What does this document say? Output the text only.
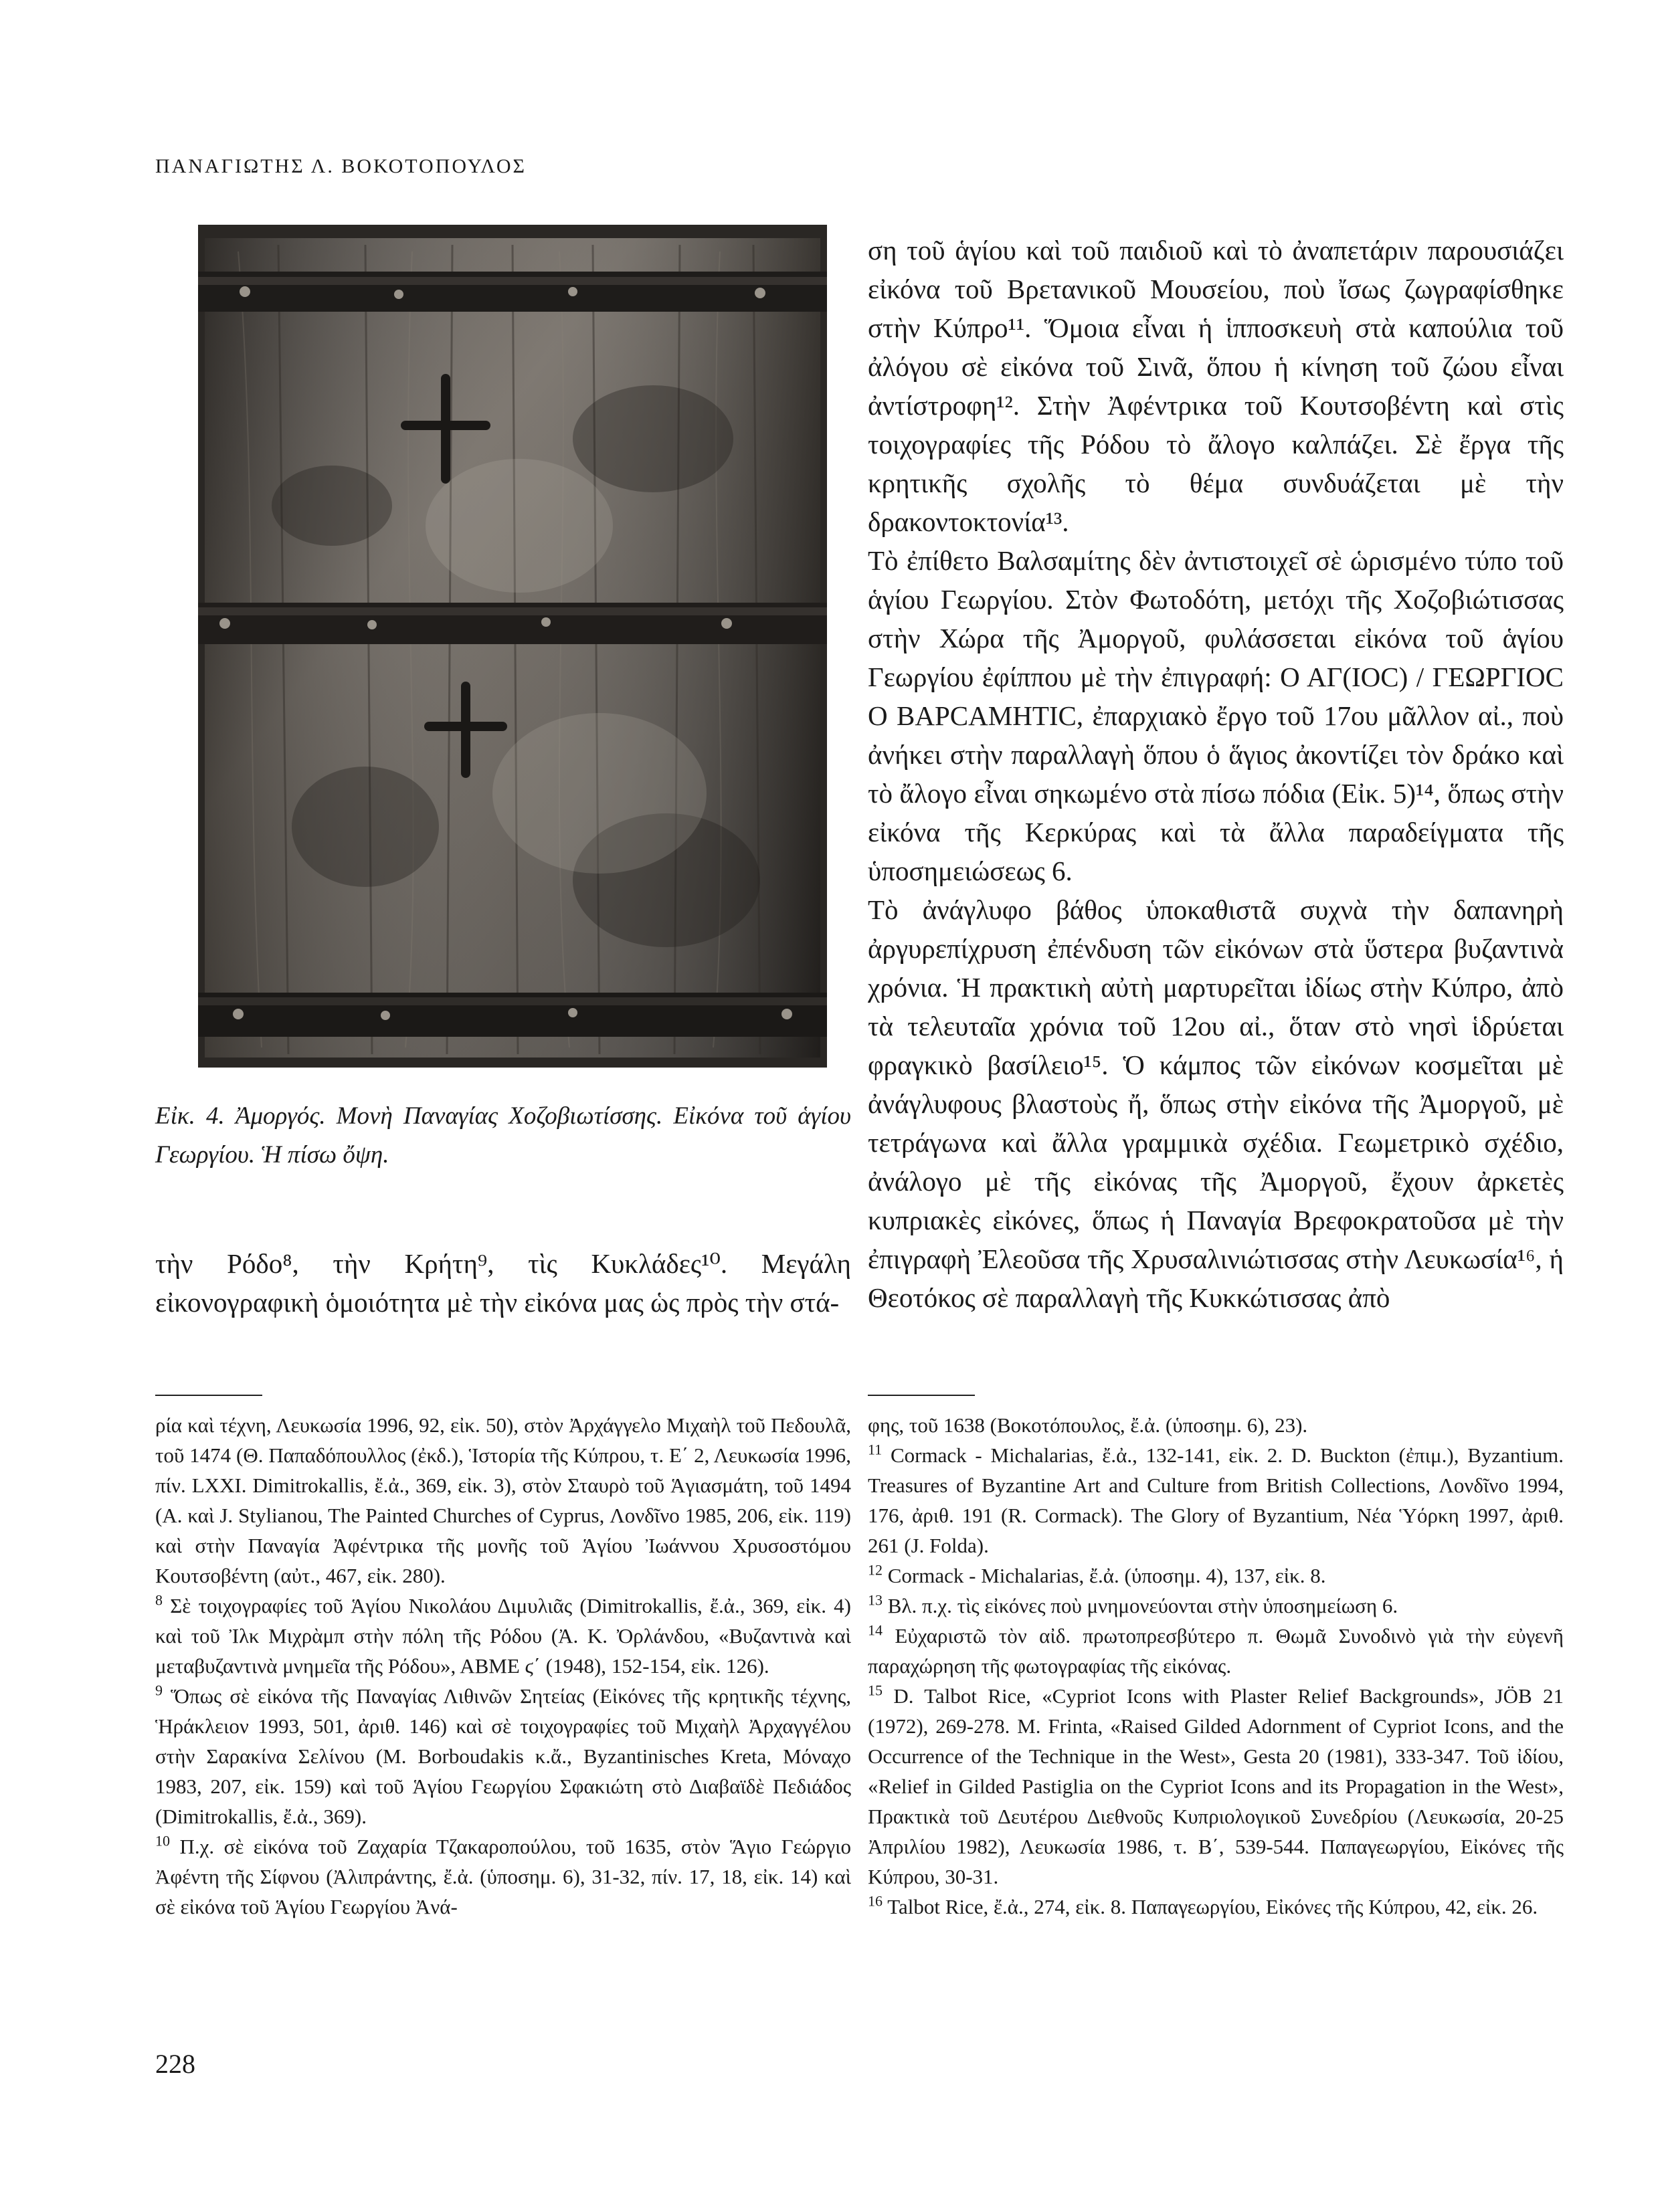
ΠΑΝΑΓΙΩΤΗΣ Λ. ΒΟΚΟΤΟΠΟΥΛΟΣ
Εἰκ. 4. Ἀμοργός. Μονὴ Παναγίας Χοζοβιωτίσσης. Εἰκόνα τοῦ ἁγίου Γεωργίου. Ἡ πίσω ὄψη.
τὴν Ρόδο⁸, τὴν Κρήτη⁹, τὶς Κυκλάδες¹⁰. Μεγάλη εἰκονογραφικὴ ὁμοιότητα μὲ τὴν εἰκόνα μας ὡς πρὸς τὴν στά-

ση τοῦ ἁγίου καὶ τοῦ παιδιοῦ καὶ τὸ ἀναπετάριν παρουσιάζει εἰκόνα τοῦ Βρετανικοῦ Μουσείου, ποὺ ἴσως ζωγραφίσθηκε στὴν Κύπρο¹¹. Ὅμοια εἶναι ἡ ἱπποσκευὴ στὰ καπούλια τοῦ ἀλόγου σὲ εἰκόνα τοῦ Σινᾶ, ὅπου ἡ κίνηση τοῦ ζώου εἶναι ἀντίστροφη¹². Στὴν Ἀφέντρικα τοῦ Κουτσοβέντη καὶ στὶς τοιχογραφίες τῆς Ρόδου τὸ ἄλογο καλπάζει. Σὲ ἔργα τῆς κρητικῆς σχολῆς τὸ θέμα συνδυάζεται μὲ τὴν δρακοντοκτονία¹³.

Τὸ ἐπίθετο Βαλσαμίτης δὲν ἀντιστοιχεῖ σὲ ὡρισμένο τύπο τοῦ ἁγίου Γεωργίου. Στὸν Φωτοδότη, μετόχι τῆς Χοζοβιώτισσας στὴν Χώρα τῆς Ἀμοργοῦ, φυλάσσεται εἰκόνα τοῦ ἁγίου Γεωργίου ἐφίππου μὲ τὴν ἐπιγραφή: Ο ΑΓ(ΙΟC) / ΓΕΩΡΓΙΟC Ο ΒΑΡCΑΜΗΤΙC, ἐπαρχιακὸ ἔργο τοῦ 17ου μᾶλλον αἰ., ποὺ ἀνήκει στὴν παραλλαγὴ ὅπου ὁ ἅγιος ἀκοντίζει τὸν δράκο καὶ τὸ ἄλογο εἶναι σηκωμένο στὰ πίσω πόδια (Εἰκ. 5)¹⁴, ὅπως στὴν εἰκόνα τῆς Κερκύρας καὶ τὰ ἄλλα παραδείγματα τῆς ὑποσημειώσεως 6.

Τὸ ἀνάγλυφο βάθος ὑποκαθιστᾶ συχνὰ τὴν δαπανηρὴ ἀργυρεπίχρυση ἐπένδυση τῶν εἰκόνων στὰ ὕστερα βυζαντινὰ χρόνια. Ἡ πρακτικὴ αὐτὴ μαρτυρεῖται ἰδίως στὴν Κύπρο, ἀπὸ τὰ τελευταῖα χρόνια τοῦ 12ου αἰ., ὅταν στὸ νησὶ ἱδρύεται φραγκικὸ βασίλειο¹⁵. Ὁ κάμπος τῶν εἰκόνων κοσμεῖται μὲ ἀνάγλυφους βλαστοὺς ἤ, ὅπως στὴν εἰκόνα τῆς Ἀμοργοῦ, μὲ τετράγωνα καὶ ἄλλα γραμμικὰ σχέδια. Γεωμετρικὸ σχέδιο, ἀνάλογο μὲ τῆς εἰκόνας τῆς Ἀμοργοῦ, ἔχουν ἀρκετὲς κυπριακὲς εἰκόνες, ὅπως ἡ Παναγία Βρεφοκρατοῦσα μὲ τὴν ἐπιγραφὴ Ἐλεοῦσα τῆς Χρυσαλινιώτισσας στὴν Λευκωσία¹⁶, ἡ Θεοτόκος σὲ παραλλαγὴ τῆς Κυκκώτισσας ἀπὸ

ρία καὶ τέχνη, Λευκωσία 1996, 92, εἰκ. 50), στὸν Ἀρχάγγελο Μιχαὴλ τοῦ Πεδουλᾶ, τοῦ 1474 (Θ. Παπαδόπουλλος (ἐκδ.), Ἱστορία τῆς Κύπρου, τ. Ε΄ 2, Λευκωσία 1996, πίν. LXXI. Dimitrokallis, ἔ.ἀ., 369, εἰκ. 3), στὸν Σταυρὸ τοῦ Ἁγιασμάτη, τοῦ 1494 (Α. καὶ J. Stylianou, The Painted Churches of Cyprus, Λονδῖνο 1985, 206, εἰκ. 119) καὶ στὴν Παναγία Ἀφέντρικα τῆς μονῆς τοῦ Ἁγίου Ἰωάννου Χρυσοστόμου Κουτσοβέντη (αὐτ., 467, εἰκ. 280).

$^8$ Σὲ τοιχογραφίες τοῦ Ἁγίου Νικολάου Διμυλιᾶς (Dimitrokallis, ἔ.ἀ., 369, εἰκ. 4) καὶ τοῦ Ἰλκ Μιχρὰμπ στὴν πόλη τῆς Ρόδου (Ἀ. Κ. Ὀρλάνδου, «Βυζαντινὰ καὶ μεταβυζαντινὰ μνημεῖα τῆς Ρόδου», ΑΒΜΕ ϛ΄ (1948), 152-154, εἰκ. 126).

$^9$ Ὅπως σὲ εἰκόνα τῆς Παναγίας Λιθινῶν Σητείας (Εἰκόνες τῆς κρητικῆς τέχνης, Ἡράκλειον 1993, 501, ἀριθ. 146) καὶ σὲ τοιχογραφίες τοῦ Μιχαὴλ Ἀρχαγγέλου στὴν Σαρακίνα Σελίνου (M. Borboudakis κ.ἄ., Byzantinisches Kreta, Μόναχο 1983, 207, εἰκ. 159) καὶ τοῦ Ἁγίου Γεωργίου Σφακιώτη στὸ Διαβαϊδὲ Πεδιάδος (Dimitrokallis, ἔ.ἀ., 369).

$^{10}$ Π.χ. σὲ εἰκόνα τοῦ Ζαχαρία Τζακαροπούλου, τοῦ 1635, στὸν Ἅγιο Γεώργιο Ἀφέντη τῆς Σίφνου (Ἀλιπράντης, ἔ.ἀ. (ὑποσημ. 6), 31-32, πίν. 17, 18, εἰκ. 14) καὶ σὲ εἰκόνα τοῦ Ἁγίου Γεωργίου Ἀνά-

φης, τοῦ 1638 (Βοκοτόπουλος, ἔ.ἀ. (ὑποσημ. 6), 23).

$^{11}$ Cormack - Michalarias, ἔ.ἀ., 132-141, εἰκ. 2. D. Buckton (ἐπιμ.), Byzantium. Treasures of Byzantine Art and Culture from British Collections, Λονδῖνο 1994, 176, ἀριθ. 191 (R. Cormack). The Glory of Byzantium, Νέα Ὑόρκη 1997, ἀριθ. 261 (J. Folda).

$^{12}$ Cormack - Michalarias, ἔ.ἀ. (ὑποσημ. 4), 137, εἰκ. 8.

$^{13}$ Βλ. π.χ. τὶς εἰκόνες ποὺ μνημονεύονται στὴν ὑποσημείωση 6.

$^{14}$ Εὐχαριστῶ τὸν αἰδ. πρωτοπρεσβύτερο π. Θωμᾶ Συνοδινὸ γιὰ τὴν εὐγενῆ παραχώρηση τῆς φωτογραφίας τῆς εἰκόνας.

$^{15}$ D. Talbot Rice, «Cypriot Icons with Plaster Relief Backgrounds», JÖB 21 (1972), 269-278. M. Frinta, «Raised Gilded Adornment of Cypriot Icons, and the Occurrence of the Technique in the West», Gesta 20 (1981), 333-347. Τοῦ ἰδίου, «Relief in Gilded Pastiglia on the Cypriot Icons and its Propagation in the West», Πρακτικὰ τοῦ Δευτέρου Διεθνοῦς Κυπριολογικοῦ Συνεδρίου (Λευκωσία, 20-25 Ἀπριλίου 1982), Λευκωσία 1986, τ. Β΄, 539-544. Παπαγεωργίου, Εἰκόνες τῆς Κύπρου, 30-31.

$^{16}$ Talbot Rice, ἔ.ἀ., 274, εἰκ. 8. Παπαγεωργίου, Εἰκόνες τῆς Κύπρου, 42, εἰκ. 26.

228
